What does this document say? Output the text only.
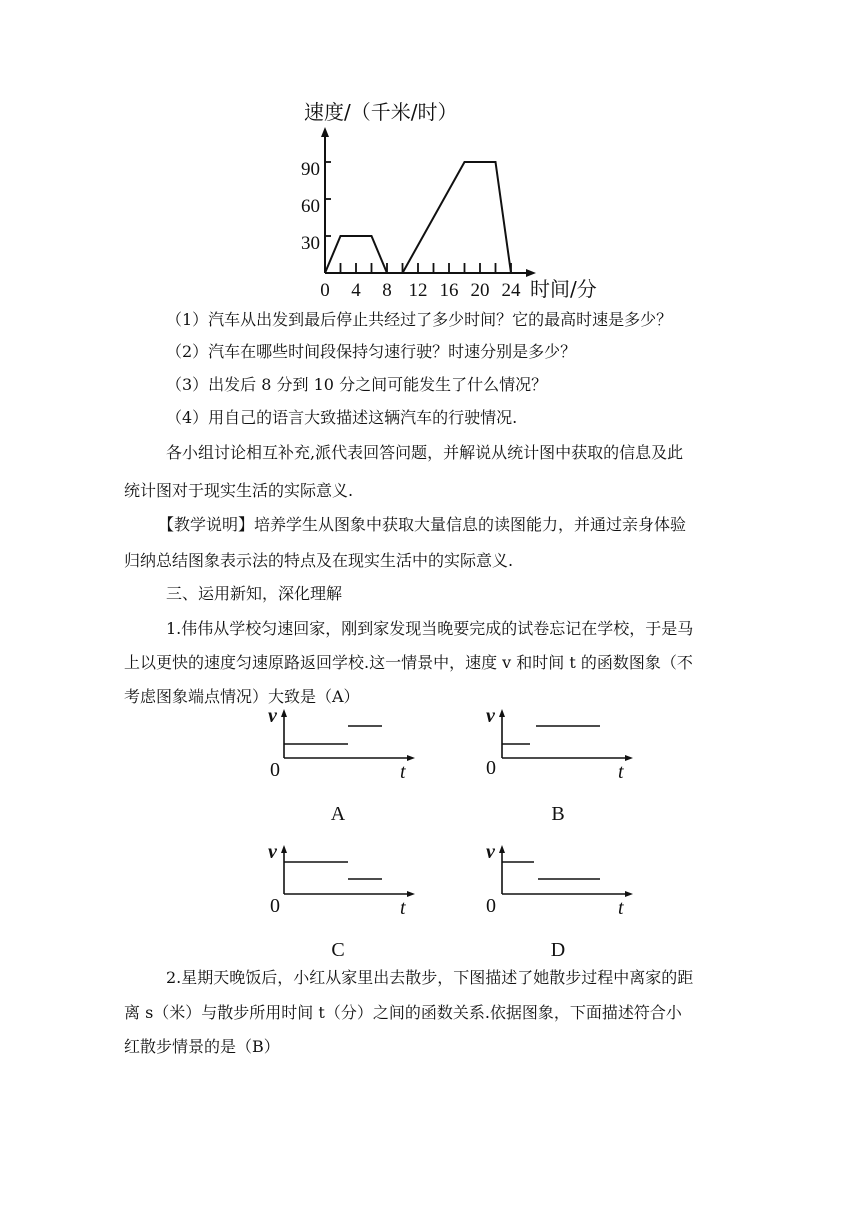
速度/（千米/时）
0 4 8 12 16 20 24 时间/分
30
60
90
（1）汽车从出发到最后停止共经过了多少时间？它的最高时速是多少？
（2）汽车在哪些时间段保持匀速行驶？时速分别是多少？
（3）出发后 8 分到 10 分之间可能发生了什么情况？
（4）用自己的语言大致描述这辆汽车的行驶情况.
各小组讨论相互补充,派代表回答问题，并解说从统计图中获取的信息及此
统计图对于现实生活的实际意义.
【教学说明】培养学生从图象中获取大量信息的读图能力，并通过亲身体验
归纳总结图象表示法的特点及在现实生活中的实际意义.
三、运用新知，深化理解
1.伟伟从学校匀速回家，刚到家发现当晚要完成的试卷忘记在学校，于是马
上以更快的速度匀速原路返回学校.这一情景中，速度 v 和时间 t 的函数图象（不
考虑图象端点情况）大致是（A）
v
0	t
A
v
0	t
B
v
0	t
C
v
0	t
D
2.星期天晚饭后，小红从家里出去散步，下图描述了她散步过程中离家的距
离 s（米）与散步所用时间 t（分）之间的函数关系.依据图象，下面描述符合小
红散步情景的是（B）
